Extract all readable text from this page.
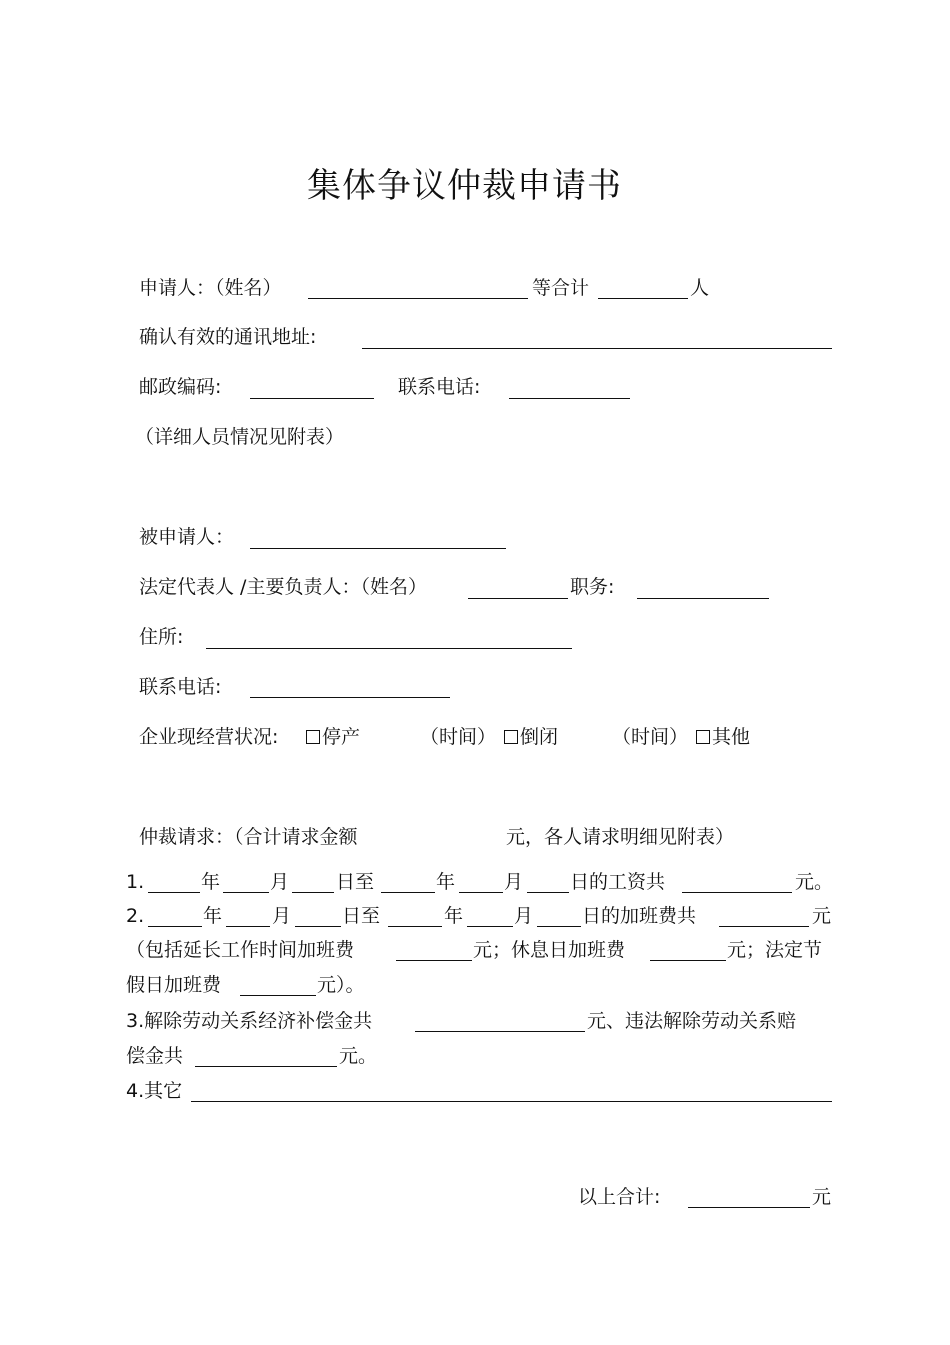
集体争议仲裁申请书
申请人：（姓名）	等合计	人
确认有效的通讯地址:
邮政编码:	联系电话:
（详细人员情况见附表）
被申请人：
法定代表人 /主要负责人：（姓名）	职务:
住所:
联系电话:
企业现经营状况:	停产	（时间）	倒闭	（时间）	其他
仲裁请求：（合计请求金额	元，各人请求明细见附表）
1.	年	月 日至	年	月 日的工资共	元。
2.	年	月	日至	年	月	日的加班费共	元
（包括延长工作时间加班费	元；休息日加班费	元；法定节
假日加班费	元）。
3.解除劳动关系经济补偿金共	元、违法解除劳动关系赔
偿金共	元。
4.其它
以上合计:	元
